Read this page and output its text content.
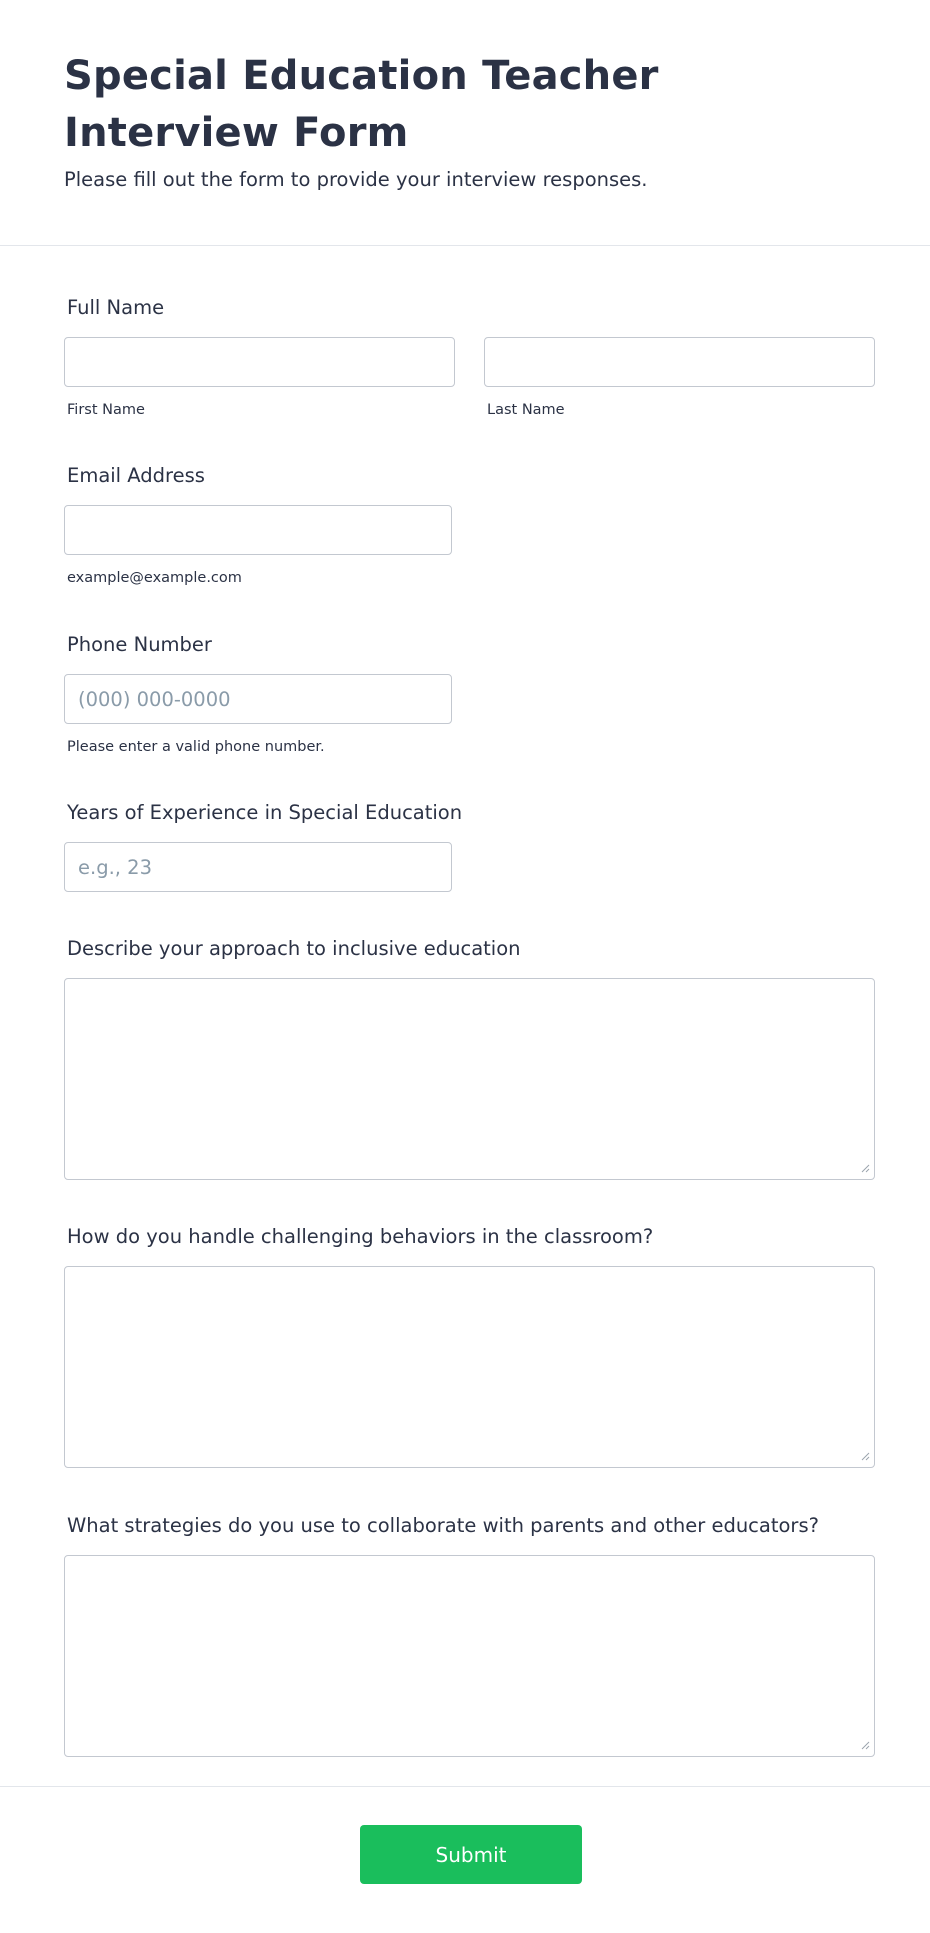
Special Education Teacher Interview Form

Please fill out the form to provide your interview responses.

Full Name
First Name	Last Name
Email Address
example@example.com
Phone Number
(000) 000-0000
Please enter a valid phone number.
Years of Experience in Special Education
e.g., 23
Describe your approach to inclusive education
How do you handle challenging behaviors in the classroom?
What strategies do you use to collaborate with parents and other educators?
Submit
